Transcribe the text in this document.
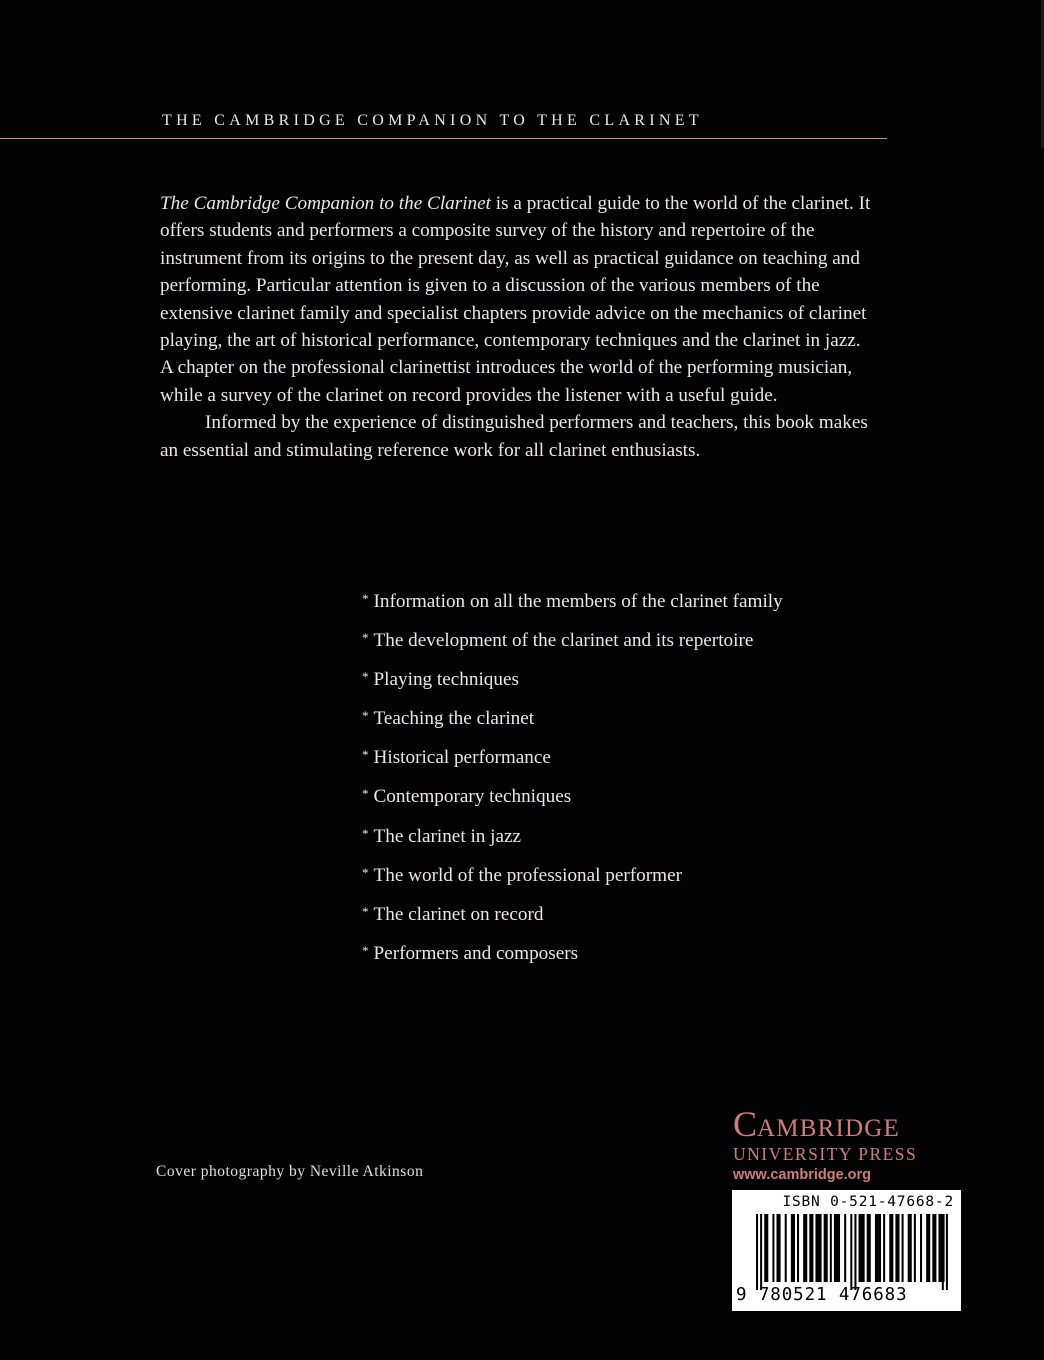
THE CAMBRIDGE COMPANION TO THE CLARINET

The Cambridge Companion to the Clarinet is a practical guide to the world of the clarinet. It offers students and performers a composite survey of the history and repertoire of the instrument from its origins to the present day, as well as practical guidance on teaching and performing. Particular attention is given to a discussion of the various members of the extensive clarinet family and specialist chapters provide advice on the mechanics of clarinet playing, the art of historical performance, contemporary techniques and the clarinet in jazz. A chapter on the professional clarinettist introduces the world of the performing musician, while a survey of the clarinet on record provides the listener with a useful guide.

Informed by the experience of distinguished performers and teachers, this book makes an essential and stimulating reference work for all clarinet enthusiasts.

* Information on all the members of the clarinet family
* The development of the clarinet and its repertoire
* Playing techniques
* Teaching the clarinet
* Historical performance
* Contemporary techniques
* The clarinet in jazz
* The world of the professional performer
* The clarinet on record
* Performers and composers
Cover photography by Neville Atkinson
CAMBRIDGE
UNIVERSITY PRESS
www.cambridge.org
ISBN 0-521-47668-2
9 780521 476683
